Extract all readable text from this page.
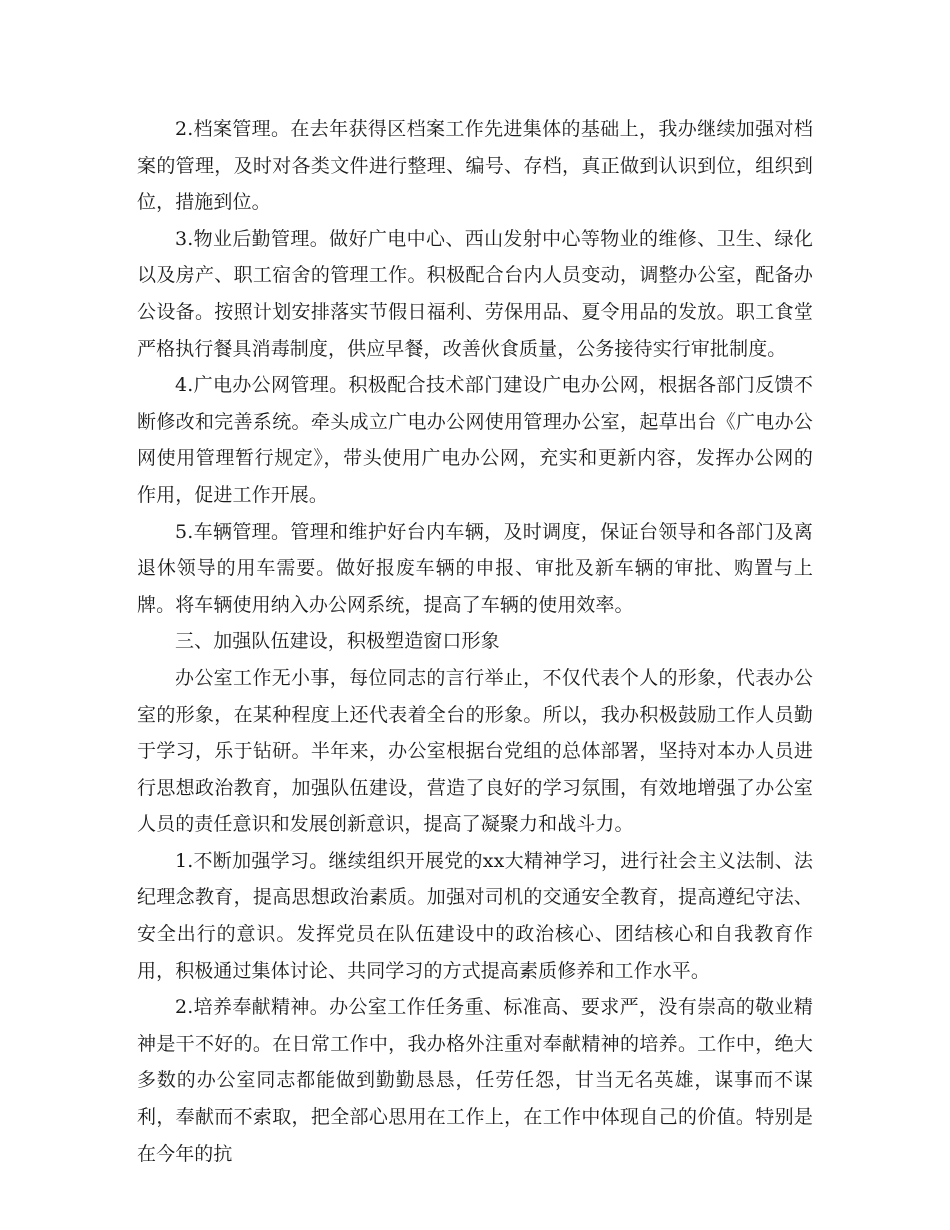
2.档案管理。在去年获得区档案工作先进集体的基础上，我办继续加强对档案的管理，及时对各类文件进行整理、编号、存档，真正做到认识到位，组织到位，措施到位。

3.物业后勤管理。做好广电中心、西山发射中心等物业的维修、卫生、绿化以及房产、职工宿舍的管理工作。积极配合台内人员变动，调整办公室，配备办公设备。按照计划安排落实节假日福利、劳保用品、夏令用品的发放。职工食堂严格执行餐具消毒制度，供应早餐，改善伙食质量，公务接待实行审批制度。

4.广电办公网管理。积极配合技术部门建设广电办公网，根据各部门反馈不断修改和完善系统。牵头成立广电办公网使用管理办公室，起草出台《广电办公网使用管理暂行规定》，带头使用广电办公网，充实和更新内容，发挥办公网的作用，促进工作开展。

5.车辆管理。管理和维护好台内车辆，及时调度，保证台领导和各部门及离退休领导的用车需要。做好报废车辆的申报、审批及新车辆的审批、购置与上牌。将车辆使用纳入办公网系统，提高了车辆的使用效率。

三、加强队伍建设，积极塑造窗口形象

办公室工作无小事，每位同志的言行举止，不仅代表个人的形象，代表办公室的形象，在某种程度上还代表着全台的形象。所以，我办积极鼓励工作人员勤于学习，乐于钻研。半年来，办公室根据台党组的总体部署，坚持对本办人员进行思想政治教育，加强队伍建设，营造了良好的学习氛围，有效地增强了办公室人员的责任意识和发展创新意识，提高了凝聚力和战斗力。

1.不断加强学习。继续组织开展党的xx大精神学习，进行社会主义法制、法纪理念教育，提高思想政治素质。加强对司机的交通安全教育，提高遵纪守法、安全出行的意识。发挥党员在队伍建设中的政治核心、团结核心和自我教育作用，积极通过集体讨论、共同学习的方式提高素质修养和工作水平。

2.培养奉献精神。办公室工作任务重、标准高、要求严，没有崇高的敬业精神是干不好的。在日常工作中，我办格外注重对奉献精神的培养。工作中，绝大多数的办公室同志都能做到勤勤恳恳，任劳任怨，甘当无名英雄，谋事而不谋利，奉献而不索取，把全部心思用在工作上，在工作中体现自己的价值。特别是在今年的抗
